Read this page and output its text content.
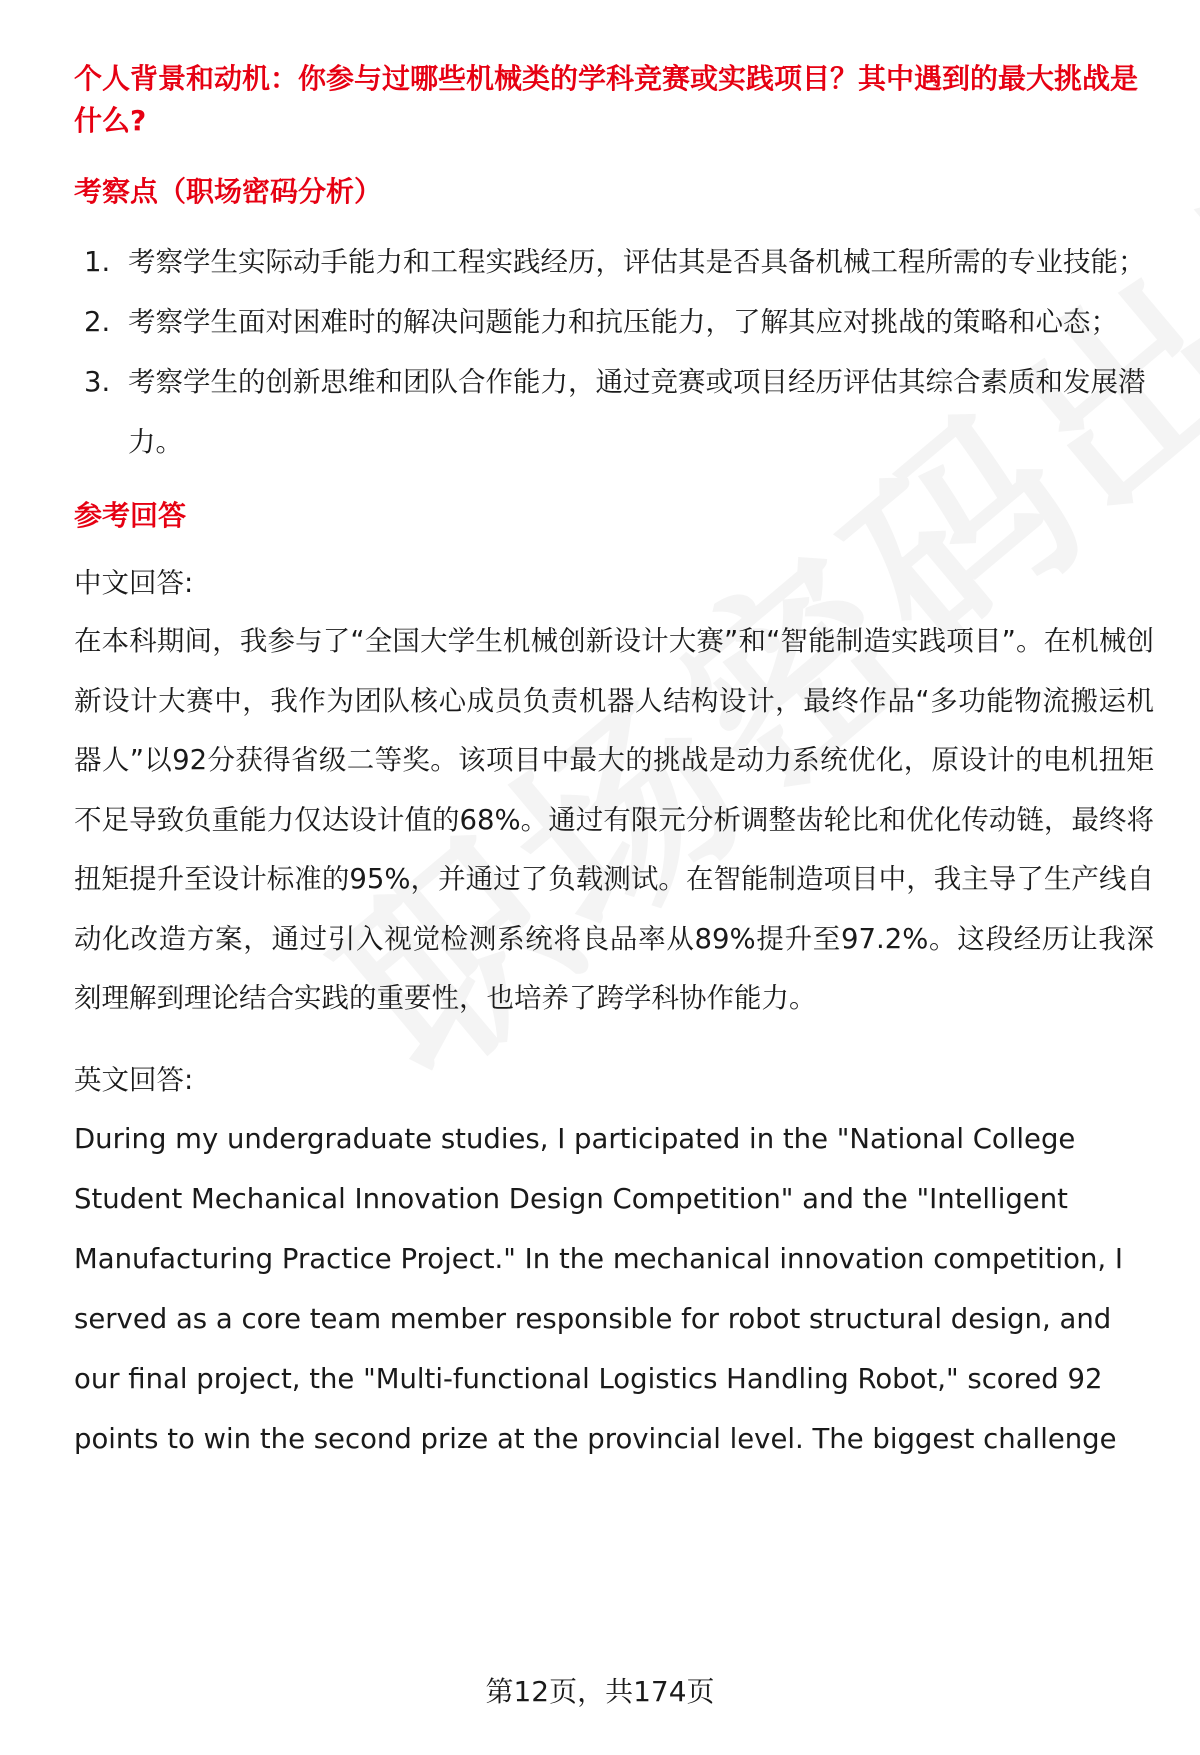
个人背景和动机：你参与过哪些机械类的学科竞赛或实践项目？其中遇到的最大挑战是什么?

考察点（职场密码分析）

1. 考察学生实际动手能力和工程实践经历，评估其是否具备机械工程所需的专业技能；
2. 考察学生面对困难时的解决问题能力和抗压能力，了解其应对挑战的策略和心态；
3. 考察学生的创新思维和团队合作能力，通过竞赛或项目经历评估其综合素质和发展潜力。

参考回答

中文回答:

在本科期间，我参与了“全国大学生机械创新设计大赛”和“智能制造实践项目”。在机械创新设计大赛中，我作为团队核心成员负责机器人结构设计，最终作品“多功能物流搬运机器人”以92分获得省级二等奖。该项目中最大的挑战是动力系统优化，原设计的电机扭矩不足导致负重能力仅达设计值的68%。通过有限元分析调整齿轮比和优化传动链，最终将扭矩提升至设计标准的95%，并通过了负载测试。在智能制造项目中，我主导了生产线自动化改造方案，通过引入视觉检测系统将良品率从89%提升至97.2%。这段经历让我深刻理解到理论结合实践的重要性，也培养了跨学科协作能力。

英文回答:

During my undergraduate studies, I participated in the "National College
Student Mechanical Innovation Design Competition" and the "Intelligent
Manufacturing Practice Project." In the mechanical innovation competition, I
served as a core team member responsible for robot structural design, and
our final project, the "Multi-functional Logistics Handling Robot," scored 92
points to win the second prize at the provincial level. The biggest challenge
第12页，共174页
